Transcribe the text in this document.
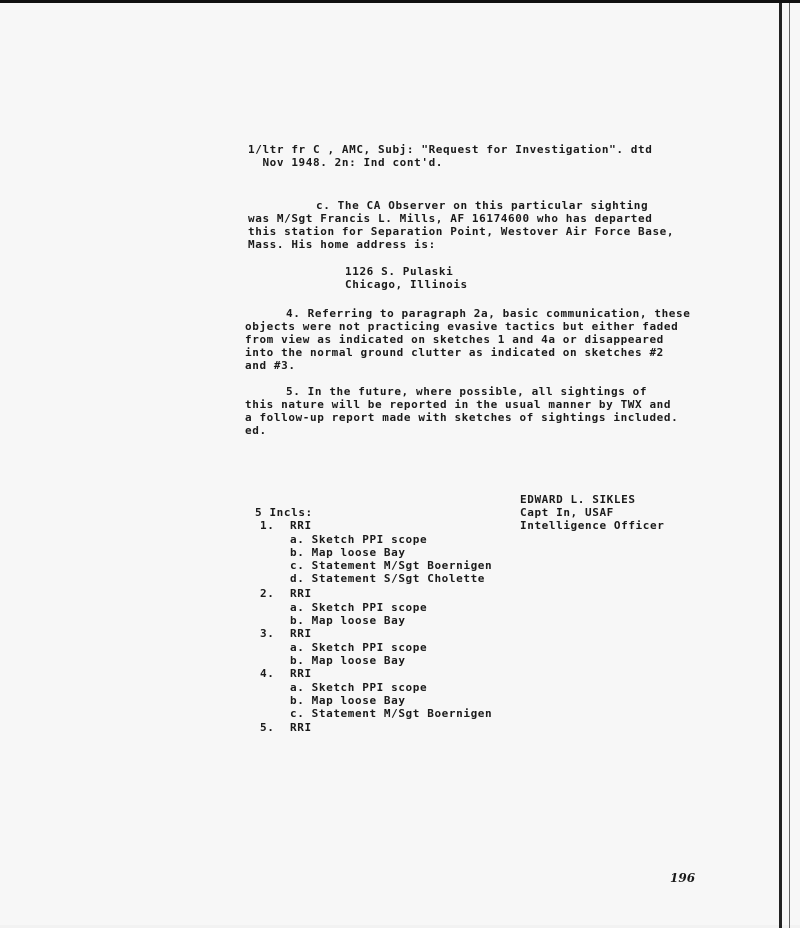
1/ltr fr C , AMC, Subj: "Request for Investigation". dtd
Nov 1948. 2n: Ind cont'd.
c. The CA Observer on this particular sighting
was M/Sgt Francis L. Mills, AF 16174600 who has departed
this station for Separation Point, Westover Air Force Base,
Mass. His home address is:
1126 S. Pulaski
Chicago, Illinois
4. Referring to paragraph 2a, basic communication, these
objects were not practicing evasive tactics but either faded
from view as indicated on sketches 1 and 4a or disappeared
into the normal ground clutter as indicated on sketches #2
and #3.
5. In the future, where possible, all sightings of
this nature will be reported in the usual manner by TWX and
a follow-up report made with sketches of sightings included.
ed.
EDWARD L. SIKLES
Capt In, USAF
Intelligence Officer
5 Incls:
1. RRI
a. Sketch PPI scope
b. Map loose Bay
c. Statement M/Sgt Boernigen
d. Statement S/Sgt Cholette
2. RRI
a. Sketch PPI scope
b. Map loose Bay
3. RRI
a. Sketch PPI scope
b. Map loose Bay
4. RRI
a. Sketch PPI scope
b. Map loose Bay
c. Statement M/Sgt Boernigen
5. RRI
196
